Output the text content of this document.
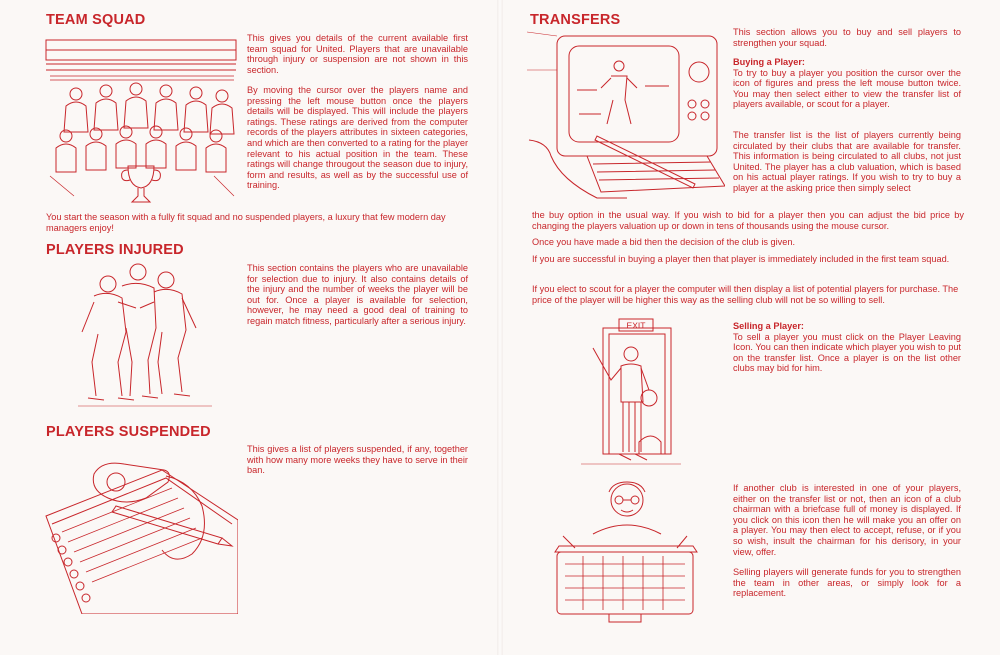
TEAM SQUAD

This gives you details of the current available first team squad for United. Players that are unavailable through injury or suspension are not shown in this section.

By moving the cursor over the players name and pressing the left mouse button once the players details will be displayed. This will include the players ratings. These ratings are derived from the computer records of the players attributes in sixteen categories, and which are then converted to a rating for the player relevant to his actual position in the team. These ratings will change througout the season due to injury, form and results, as well as by the successful use of training.

You start the season with a fully fit squad and no suspended players, a luxury that few modern day managers enjoy!

PLAYERS INJURED

This section contains the players who are unavailable for selection due to injury. It also contains details of the injury and the number of weeks the player will be out for. Once a player is available for selection, however, he may need a good deal of training to regain match fitness, particularly after a serious injury.

PLAYERS SUSPENDED

This gives a list of players suspended, if any, together with how many more weeks they have to serve in their ban.

TRANSFERS

This section allows you to buy and sell players to strengthen your squad.

Buying a Player:
To try to buy a player you position the cursor over the icon of figures and press the left mouse button twice. You may then select either to view the transfer list of players available, or scout for a player.

The transfer list is the list of players currently being circulated by their clubs that are available for transfer. This information is being circulated to all clubs, not just United. The player has a club valuation, which is based on his actual player ratings. If you wish to try to buy a player at the asking price then simply select

the buy option in the usual way. If you wish to bid for a player then you can adjust the bid price by changing the players valuation up or down in tens of thousands using the mouse cursor.

Once you have made a bid then the decision of the club is given.

If you are successful in buying a player then that player is immediately included in the first team squad.

If you elect to scout for a player the computer will then display a list of potential players for purchase. The price of the player will be higher this way as the selling club will not be so willing to sell.

EXIT	Selling a Player:
To sell a player you must click on the Player Leaving Icon. You can then indicate which player you wish to put on the transfer list. Once a player is on the list other clubs may bid for him.

If another club is interested in one of your players, either on the transfer list or not, then an icon of a club chairman with a briefcase full of money is displayed. If you click on this icon then he will make you an offer on a player. You may then elect to accept, refuse, or if you so wish, insult the chairman for his derisory, in your view, offer.

Selling players will generate funds for you to strengthen the team in other areas, or simply look for a replacement.
